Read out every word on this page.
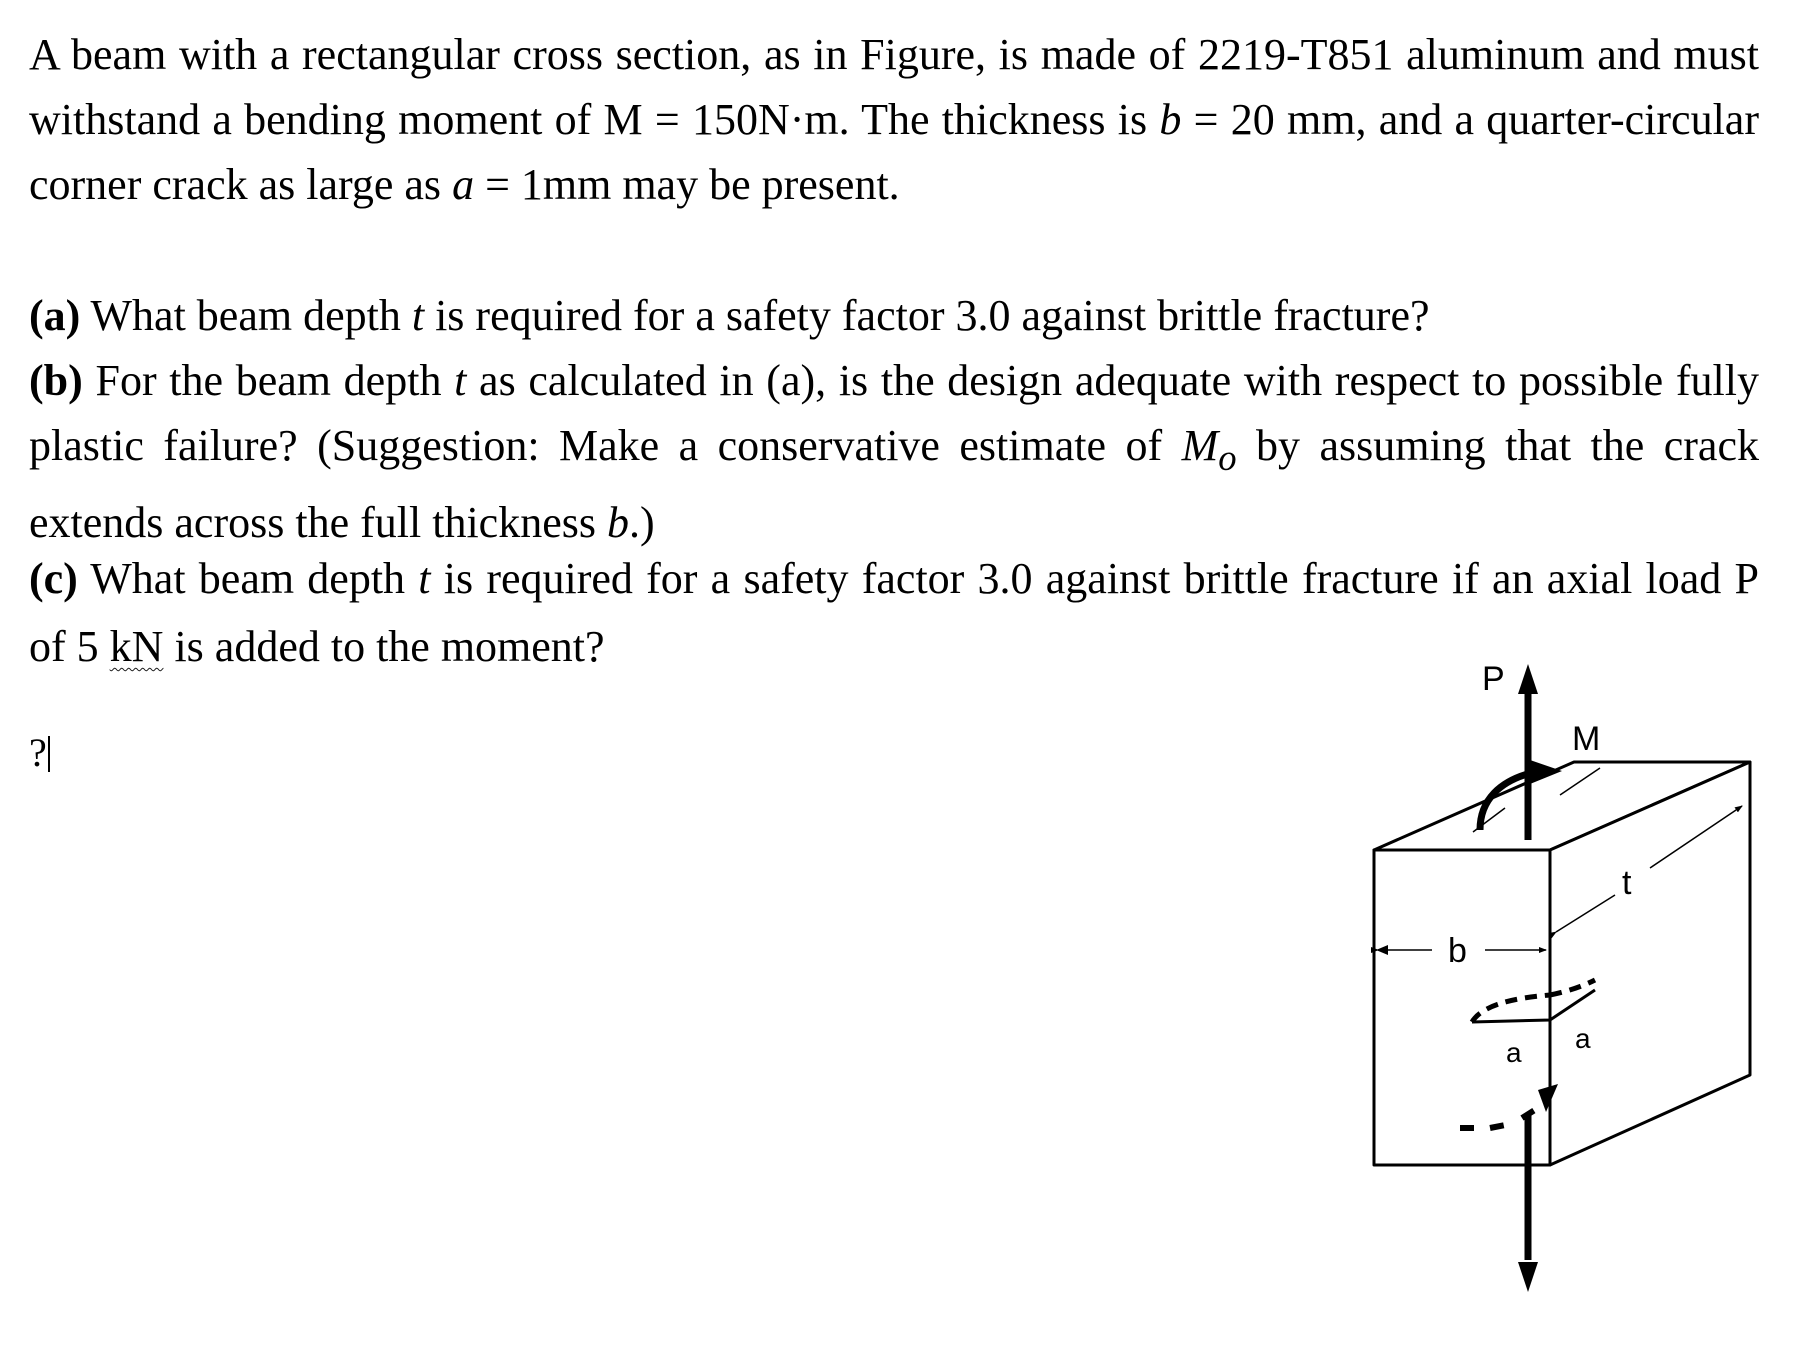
A beam with a rectangular cross section, as in Figure, is made of 2219-T851 aluminum and must withstand a bending moment of M = 150N·m. The thickness is b = 20 mm, and a quarter-circular corner crack as large as a = 1mm may be present.
(a) What beam depth t is required for a safety factor 3.0 against brittle fracture?
(b) For the beam depth t as calculated in (a), is the design adequate with respect to possible fully plastic failure? (Suggestion: Make a conservative estimate of $M_o$ by assuming that the crack extends across the full thickness b.)
(c) What beam depth t is required for a safety factor 3.0 against brittle fracture if an axial load P of 5 kN is added to the moment?
?
P
M
b
t
a a
